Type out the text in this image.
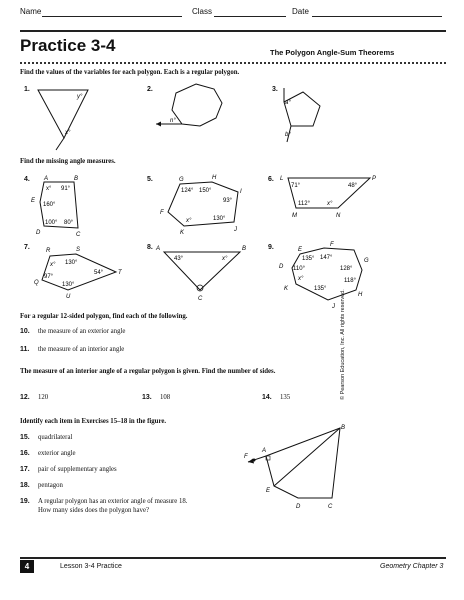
Name	Class	Date
Practice 3-4	The Polygon Angle-Sum Theorems
Find the values of the variables for each polygon. Each is a regular polygon.
1.	2.	3.
y°
x°
n°
a°
b°
Find the missing angle measures.
4.	5.	6.
A	B
x° 91°
E
160°
100° 80°
D	C
G	H
124° 150°	I
93°
F
x°	130°
K	J
L	P
71°	48°
112°	x°
M	N
7.	8.	9.
R	S
x° 130°
54° T
97°
Q	130°
U
A	B
43°	x°
C
E
F
135° 147°
D 110°
G
128°
x°	118°
K	135°
H
J
For a regular 12-sided polygon, find each of the following.
10. the measure of an exterior angle
11. the measure of an interior angle
The measure of an interior angle of a regular polygon is given. Find the number of sides.
12. 120	13. 108	14. 135
Identify each item in Exercises 15–18 in the figure.
15. quadrilateral
16. exterior angle
17. pair of supplementary angles
18. pentagon
19. A regular polygon has an exterior angle of measure 18.
How many sides does the polygon have?
B
F
A
E
D	C
© Pearson Education, Inc. All rights reserved.
4	Lesson 3-4 Practice	Geometry Chapter 3
